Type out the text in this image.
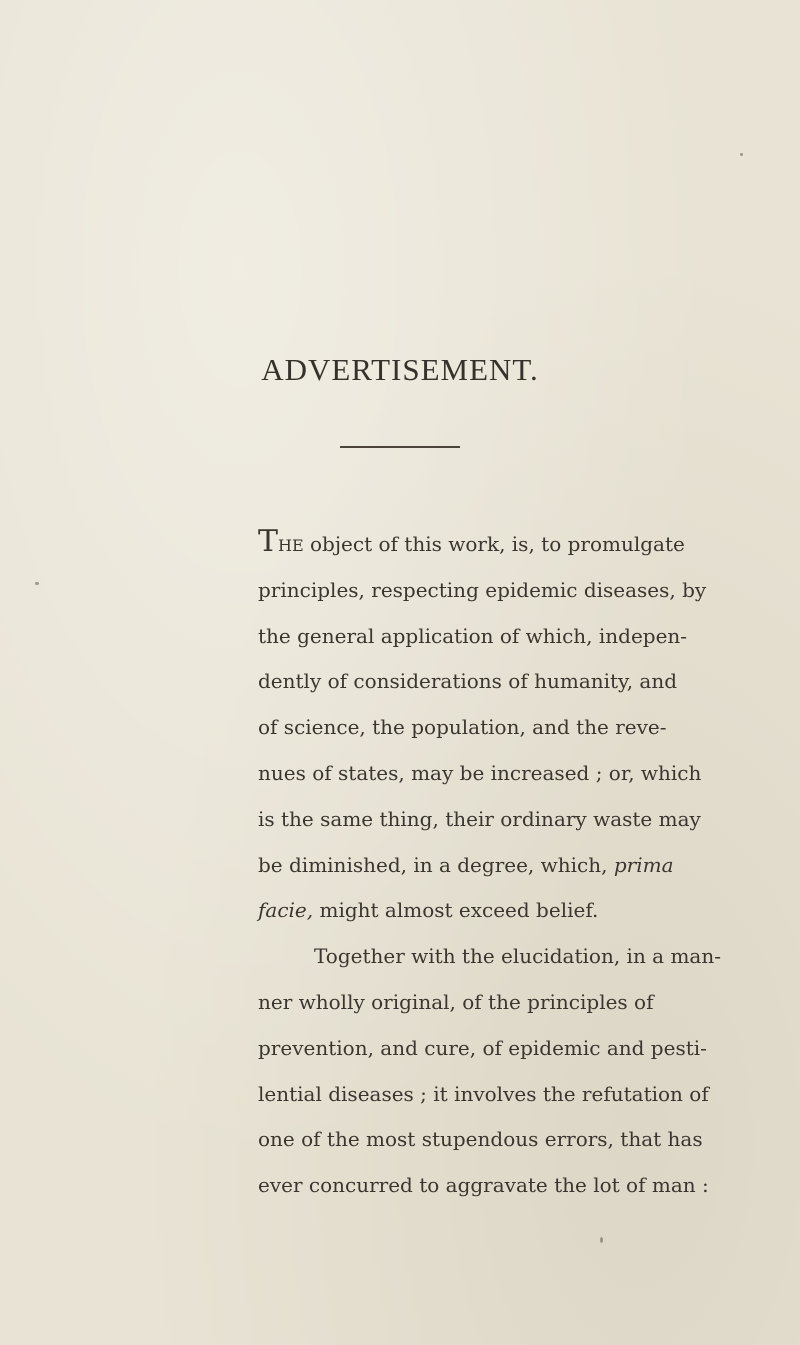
ADVERTISEMENT.
THE object of this work, is, to promulgate
principles, respecting epidemic diseases, by
the general application of which, indepen-
dently of considerations of humanity, and
of science, the population, and the reve-
nues of states, may be increased ; or, which
is the same thing, their ordinary waste may
be diminished, in a degree, which, prima
facie, might almost exceed belief.
Together with the elucidation, in a man-
ner wholly original, of the principles of
prevention, and cure, of epidemic and pesti-
lential diseases ; it involves the refutation of
one of the most stupendous errors, that has
ever concurred to aggravate the lot of man :
